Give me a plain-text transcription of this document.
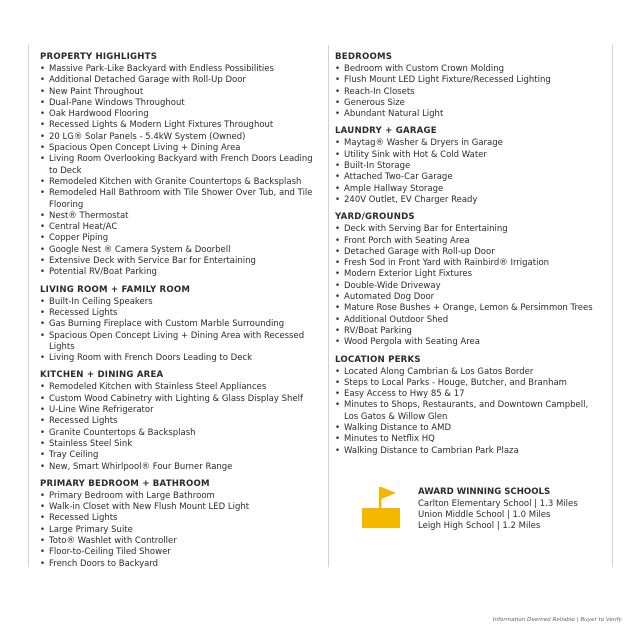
PROPERTY HIGHLIGHTS
• Massive Park-Like Backyard with Endless Possibilities
• Additional Detached Garage with Roll-Up Door
• New Paint Throughout
• Dual-Pane Windows Throughout
• Oak Hardwood Flooring
• Recessed Lights & Modern Light Fixtures Throughout
• 20 LG® Solar Panels - 5.4kW System (Owned)
• Spacious Open Concept Living + Dining Area
• Living Room Overlooking Backyard with French Doors Leading to Deck
• Remodeled Kitchen with Granite Countertops & Backsplash
• Remodeled Hall Bathroom with Tile Shower Over Tub, and Tile Flooring
• Nest® Thermostat
• Central Heat/AC
• Copper Piping
• Google Nest ® Camera System & Doorbell
• Extensive Deck with Service Bar for Entertaining
• Potential RV/Boat Parking
LIVING ROOM + FAMILY ROOM
• Built-In Ceiling Speakers
• Recessed Lights
• Gas Burning Fireplace with Custom Marble Surrounding
• Spacious Open Concept Living + Dining Area with Recessed Lights
• Living Room with French Doors Leading to Deck
KITCHEN + DINING AREA
• Remodeled Kitchen with Stainless Steel Appliances
• Custom Wood Cabinetry with Lighting & Glass Display Shelf
• U-Line Wine Refrigerator
• Recessed Lights
• Granite Countertops & Backsplash
• Stainless Steel Sink
• Tray Ceiling
• New, Smart Whirlpool® Four Burner Range
PRIMARY BEDROOM + BATHROOM
• Primary Bedroom with Large Bathroom
• Walk-in Closet with New Flush Mount LED Light
• Recessed Lights
• Large Primary Suite
• Toto® Washlet with Controller
• Floor-to-Ceiling Tiled Shower
• French Doors to Backyard
BEDROOMS
• Bedroom with Custom Crown Molding
• Flush Mount LED Light Fixture/Recessed Lighting
• Reach-In Closets
• Generous Size
• Abundant Natural Light
LAUNDRY + GARAGE
• Maytag® Washer & Dryers in Garage
• Utility Sink with Hot & Cold Water
• Built-In Storage
• Attached Two-Car Garage
• Ample Hallway Storage
• 240V Outlet, EV Charger Ready
YARD/GROUNDS
• Deck with Serving Bar for Entertaining
• Front Porch with Seating Area
• Detached Garage with Roll-up Door
• Fresh Sod in Front Yard with Rainbird® Irrigation
• Modern Exterior Light Fixtures
• Double-Wide Driveway
• Automated Dog Door
• Mature Rose Bushes + Orange, Lemon & Persimmon Trees
• Additional Outdoor Shed
• RV/Boat Parking
• Wood Pergola with Seating Area
LOCATION PERKS
• Located Along Cambrian & Los Gatos Border
• Steps to Local Parks - Houge, Butcher, and Branham
• Easy Access to Hwy 85 & 17
• Minutes to Shops, Restaurants, and Downtown Campbell, Los Gatos & Willow Glen
• Walking Distance to AMD
• Minutes to Netflix HQ
• Walking Distance to Cambrian Park Plaza
AWARD WINNING SCHOOLS
Carlton Elementary School | 1.3 Miles
Union Middle School | 1.0 Miles
Leigh High School | 1.2 Miles
Information Deemed Reliable | Buyer to Verify
